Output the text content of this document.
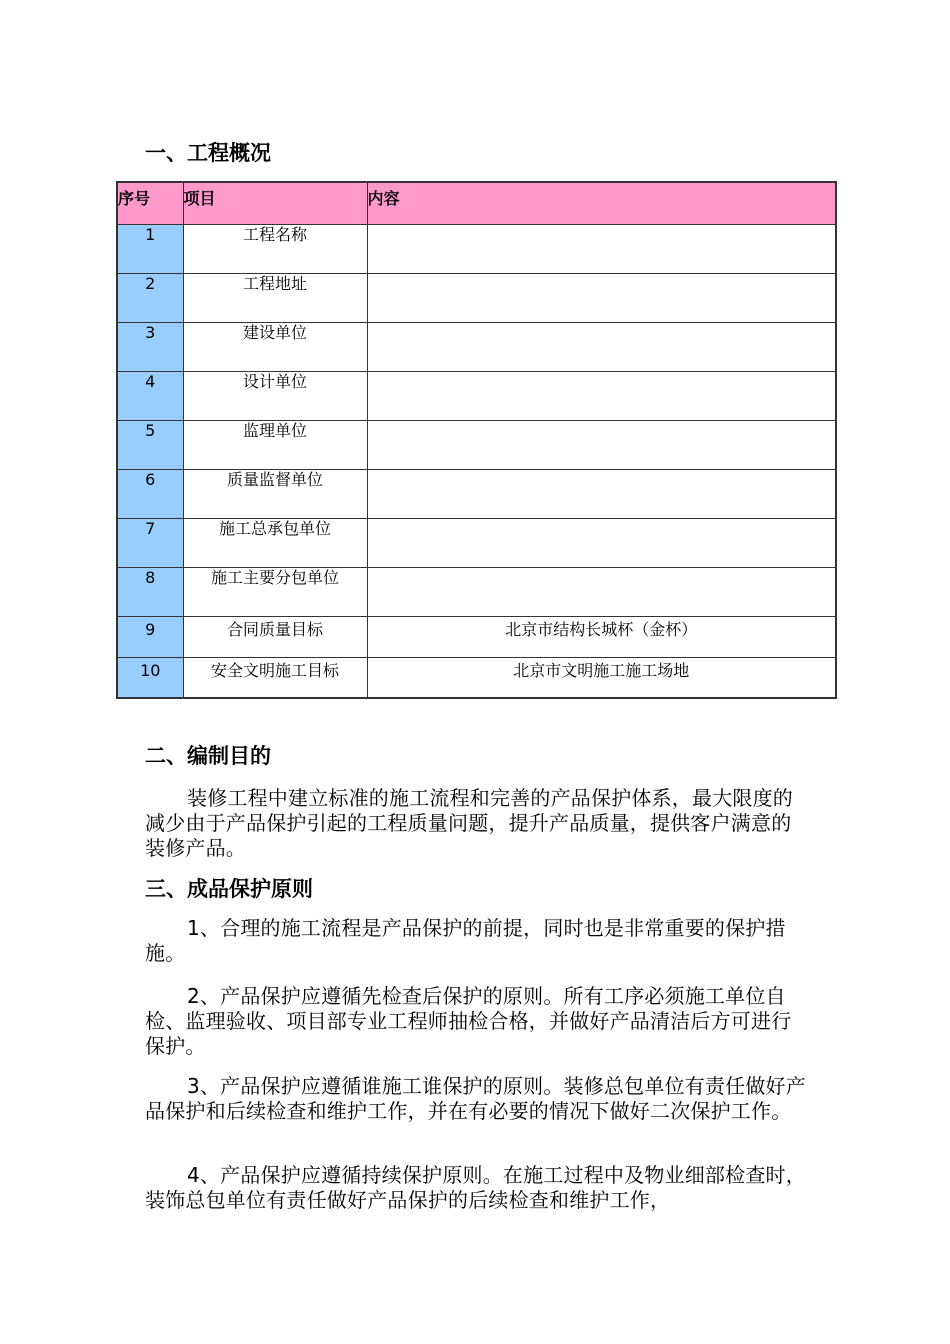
一、工程概况
序号	项目	内容
1	工程名称	
2	工程地址	
3	建设单位	
4	设计单位	
5	监理单位	
6	质量监督单位	
7	施工总承包单位	
8	施工主要分包单位	
9	合同质量目标	北京市结构长城杯（金杯）
10	安全文明施工目标	北京市文明施工施工场地
二、编制目的

装修工程中建立标准的施工流程和完善的产品保护体系，最大限度的减少由于产品保护引起的工程质量问题，提升产品质量，提供客户满意的装修产品。

三、成品保护原则

1、合理的施工流程是产品保护的前提，同时也是非常重要的保护措施。

2、产品保护应遵循先检查后保护的原则。所有工序必须施工单位自检、监理验收、项目部专业工程师抽检合格，并做好产品清洁后方可进行保护。

3、产品保护应遵循谁施工谁保护的原则。装修总包单位有责任做好产品保护和后续检查和维护工作，并在有必要的情况下做好二次保护工作。

4、产品保护应遵循持续保护原则。在施工过程中及物业细部检查时，装饰总包单位有责任做好产品保护的后续检查和维护工作，
